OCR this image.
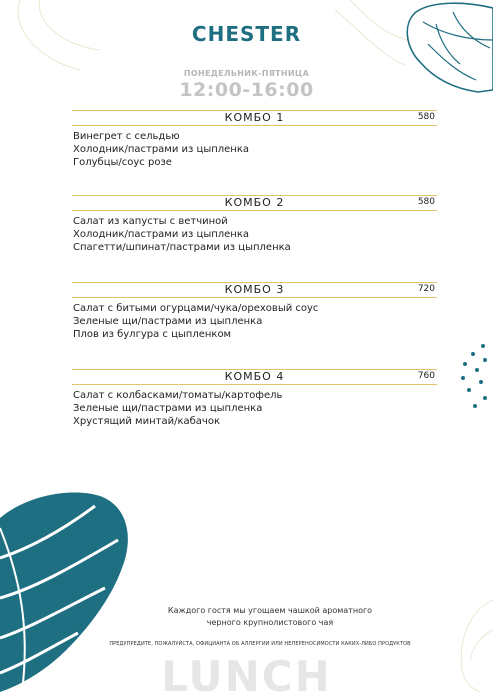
CHESTER
ПОНЕДЕЛЬНИК-ПЯТНИЦА
12:00-16:00
КОМБО 1	580
Винегрет с сельдью
Холодник/пастрами из цыпленка
Голубцы/соус розе
КОМБО 2	580
Салат из капусты с ветчиной
Холодник/пастрами из цыпленка
Спагетти/шпинат/пастрами из цыпленка
КОМБО 3	720
Салат с битыми огурцами/чука/ореховый соус
Зеленые щи/пастрами из цыпленка
Плов из булгура с цыпленком
КОМБО 4	760
Салат с колбасками/томаты/картофель
Зеленые щи/пастрами из цыпленка
Хрустящий минтай/кабачок
Каждого гостя мы угощаем чашкой ароматного
черного крупнолистового чая
ПРЕДУПРЕДИТЕ, ПОЖАЛУЙСТА, ОФИЦИАНТА ОБ АЛЛЕРГИИ ИЛИ НЕПЕРЕНОСИМОСТИ КАКИХ-ЛИБО ПРОДУКТОВ
LUNCH
